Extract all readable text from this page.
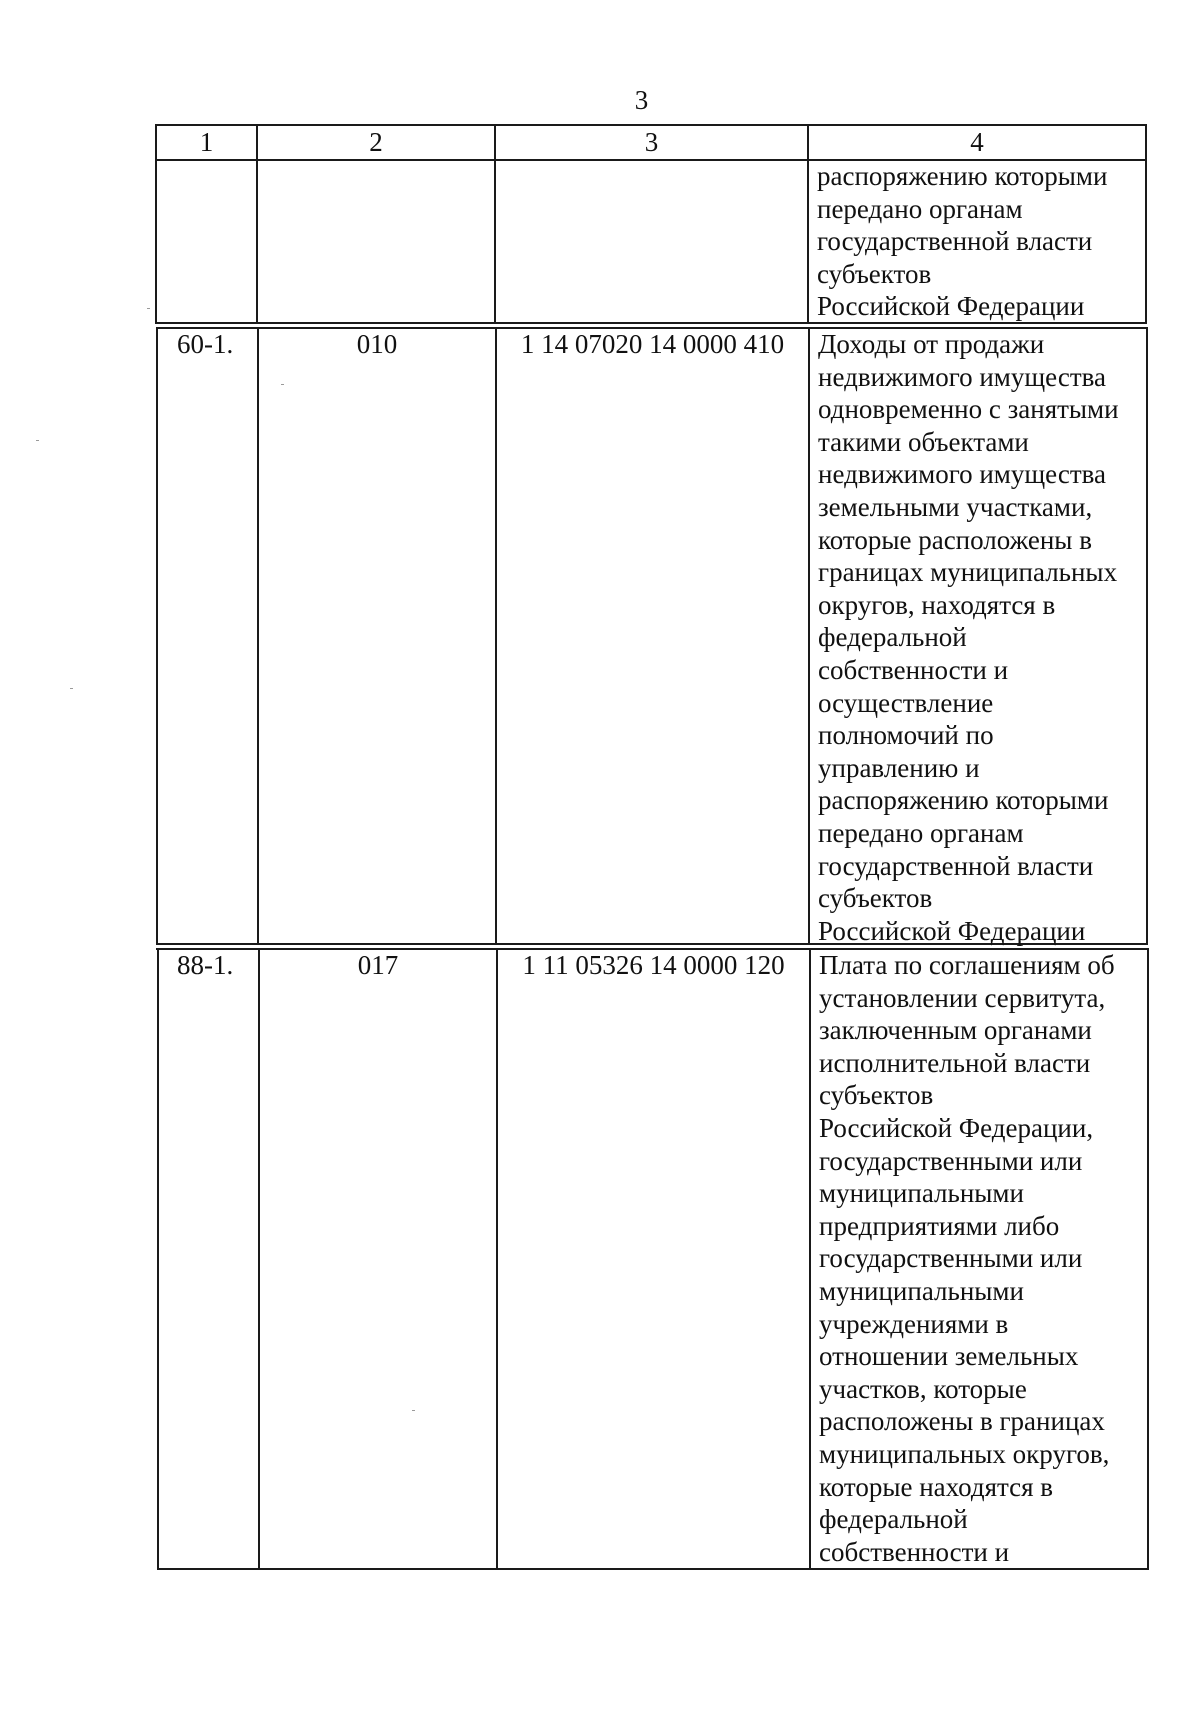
3
1	2	3	4
распоряжению которыми
передано органам
государственной власти
субъектов
Российской Федерации
60-1.	010	1 14 07020 14 0000 410	Доходы от продажи
недвижимого имущества
одновременно с занятыми
такими объектами
недвижимого имущества
земельными участками,
которые расположены в
границах муниципальных
округов, находятся в
федеральной
собственности и
осуществление
полномочий по
управлению и
распоряжению которыми
передано органам
государственной власти
субъектов
Российской Федерации
88-1.	017	1 11 05326 14 0000 120	Плата по соглашениям об
установлении сервитута,
заключенным органами
исполнительной власти
субъектов
Российской Федерации,
государственными или
муниципальными
предприятиями либо
государственными или
муниципальными
учреждениями в
отношении земельных
участков, которые
расположены в границах
муниципальных округов,
которые находятся в
федеральной
собственности и
